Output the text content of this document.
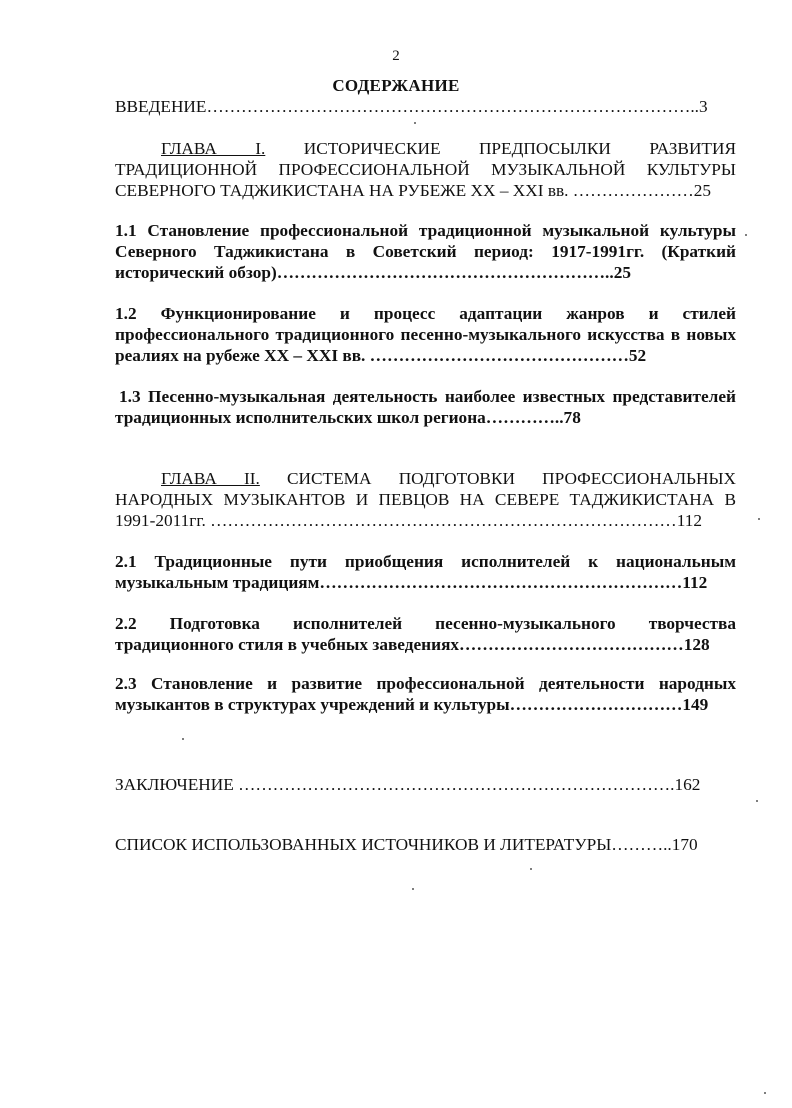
2
СОДЕРЖАНИЕ
ВВЕДЕНИЕ…………………………………………………………………………..3
ГЛАВА I. ИСТОРИЧЕСКИЕ ПРЕДПОСЫЛКИ РАЗВИТИЯ ТРАДИЦИОННОЙ ПРОФЕССИОНАЛЬНОЙ МУЗЫКАЛЬНОЙ КУЛЬТУРЫ СЕВЕРНОГО ТАДЖИКИСТАНА НА РУБЕЖЕ XX – XXI вв. …………………25
1.1 Становление профессиональной традиционной музыкальной культуры Северного Таджикистана в Советский период: 1917-1991гг. (Краткий исторический обзор)…………………………………………………..25
1.2 Функционирование и процесс адаптации жанров и стилей профессионального традиционного песенно-музыкального искусства в новых реалиях на рубеже XX – XXI вв. ………………………………………52
1.3 Песенно-музыкальная деятельность наиболее известных представителей традиционных исполнительских школ региона…………..78
ГЛАВА II. СИСТЕМА ПОДГОТОВКИ ПРОФЕССИОНАЛЬНЫХ НАРОДНЫХ МУЗЫКАНТОВ И ПЕВЦОВ НА СЕВЕРЕ ТАДЖИКИСТАНА В 1991-2011гг. ………………………………………………………………………112
2.1 Традиционные пути приобщения исполнителей к национальным музыкальным традициям………………………………………………………112
2.2 Подготовка исполнителей песенно-музыкального творчества традиционного стиля в учебных заведениях…………………………………128
2.3 Становление и развитие профессиональной деятельности народных музыкантов в структурах учреждений и культуры…………………………149
ЗАКЛЮЧЕНИЕ ………………………………………………………………….162
СПИСОК ИСПОЛЬЗОВАННЫХ ИСТОЧНИКОВ И ЛИТЕРАТУРЫ………..170
